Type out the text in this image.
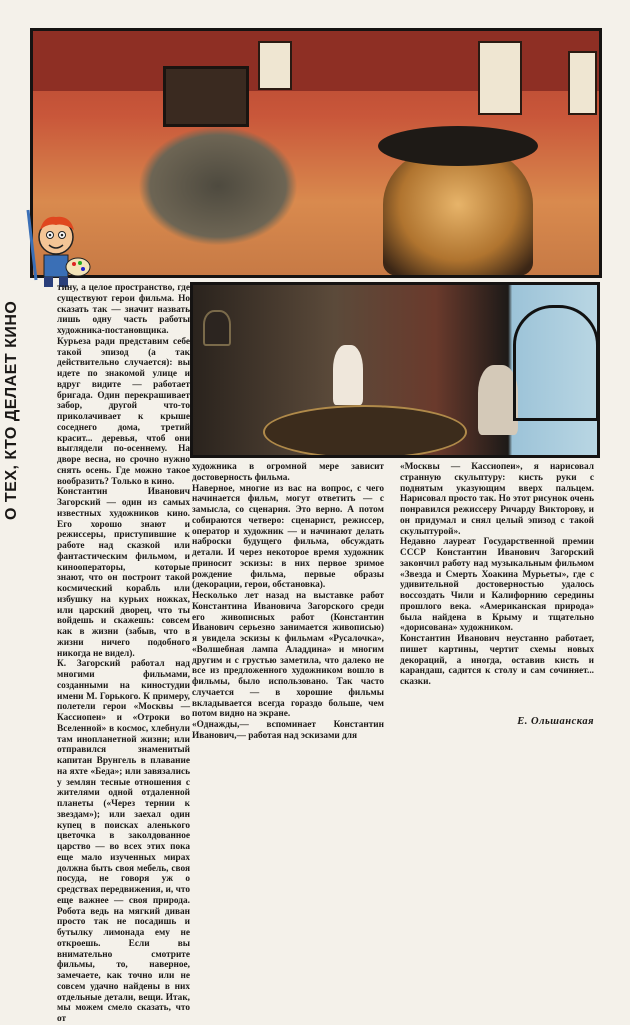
О ТЕХ, КТО ДЕЛАЕТ КИНО

тину, а целое пространство, где существуют герои фильма. Но сказать так — значит назвать лишь одну часть работы художника-постановщика.

Курьеза ради представим себе такой эпизод (а так действительно случается): вы идете по знакомой улице и вдруг видите — работает бригада. Один перекрашивает забор, другой что-то приколачивает к крыше соседнего дома, третий красит... деревья, чтоб они выглядели по-осеннему. На дворе весна, но срочно нужно снять осень. Где можно такое вообразить? Только в кино.

Константин Иванович Загорский — один из самых известных художников кино. Его хорошо знают и режиссеры, приступившие к работе над сказкой или фантастическим фильмом, и кинооператоры, которые знают, что он построит такой космический корабль или избушку на курьих ножках, или царский дворец, что ты войдешь и скажешь: совсем как в жизни (забыв, что в жизни ничего подобного никогда не видел).

К. Загорский работал над многими фильмами, созданными на киностудии имени М. Горького. К примеру, полетели герои «Москвы — Кассиопеи» и «Отроки во Вселенной» в космос, хлебнули там инопланетной жизни; или отправился знаменитый капитан Врунгель в плавание на яхте «Беда»; или завязались у землян тесные отношения с жителями одной отдаленной планеты («Через тернии к звездам»); или заехал один купец в поисках аленького цветочка в заколдованное царство — во всех этих пока еще мало изученных мирах должна быть своя мебель, своя посуда, не говоря уж о средствах передвижения, и, что еще важнее — своя природа. Робота ведь на мягкий диван просто так не посадишь и бутылку лимонада ему не откроешь. Если вы внимательно смотрите фильмы, то, наверное, замечаете, как точно или не совсем удачно найдены в них отдельные детали, вещи. Итак, мы можем смело сказать, что от

художника в огромной мере зависит достоверность фильма.

Наверное, многие из вас на вопрос, с чего начинается фильм, могут ответить — с замысла, со сценария. Это верно. А потом собираются четверо: сценарист, режиссер, оператор и художник — и начинают делать наброски будущего фильма, обсуждать детали. И через некоторое время художник приносит эскизы: в них первое зримое рождение фильма, первые образы (декорации, герои, обстановка).

Несколько лет назад на выставке работ Константина Ивановича Загорского среди его живописных работ (Константин Иванович серьезно занимается живописью) я увидела эскизы к фильмам «Русалочка», «Волшебная лампа Аладдина» и многим другим и с грустью заметила, что далеко не все из предложенного художником вошло в фильмы, было использовано. Так часто случается — в хорошие фильмы вкладывается всегда гораздо больше, чем потом видно на экране.

«Однажды,— вспоминает Константин Иванович,— работая над эскизами для

«Москвы — Кассиопеи», я нарисовал странную скульптуру: кисть руки с поднятым указующим вверх пальцем. Нарисовал просто так. Но этот рисунок очень понравился режиссеру Ричарду Викторову, и он придумал и снял целый эпизод с такой скульптурой».

Недавно лауреат Государственной премии СССР Константин Иванович Загорский закончил работу над музыкальным фильмом «Звезда и Смерть Хоакина Мурьеты», где с удивительной достоверностью удалось воссоздать Чили и Калифорнию середины прошлого века. «Американская природа» была найдена в Крыму и тщательно «дорисована» художником.

Константин Иванович неустанно работает, пишет картины, чертит схемы новых декораций, а иногда, оставив кисть и карандаш, садится к столу и сам сочиняет... сказки.

Е. Ольшанская
